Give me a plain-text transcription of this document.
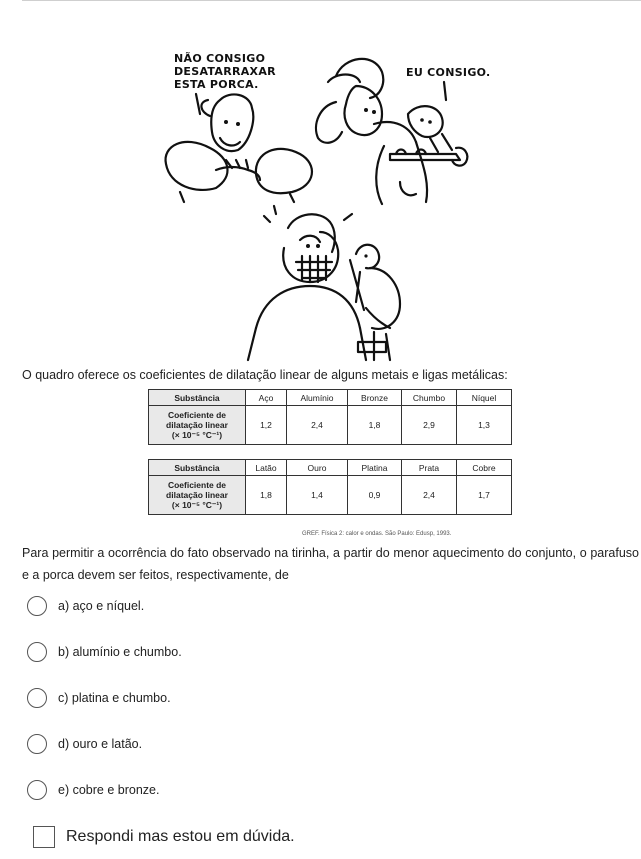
NÃO CONSIGO
DESATARRAXAR
ESTA PORCA.
EU CONSIGO.
O quadro oferece os coeficientes de dilatação linear de alguns metais e ligas metálicas:
Substância	Aço	Alumínio	Bronze	Chumbo	Níquel

Coeficiente de
dilatação linear
(× 10⁻⁵ °C⁻¹)	1,2	2,4	1,8	2,9	1,3
Substância	Latão	Ouro	Platina	Prata	Cobre

Coeficiente de
dilatação linear
(× 10⁻⁵ °C⁻¹)	1,8	1,4	0,9	2,4	1,7
GREF. Física 2: calor e ondas. São Paulo: Edusp, 1993.
Para permitir a ocorrência do fato observado na tirinha, a partir do menor aquecimento do conjunto, o parafuso e a porca devem ser feitos, respectivamente, de
a) aço e níquel.
b) alumínio e chumbo.
c) platina e chumbo.
d) ouro e latão.
e) cobre e bronze.
Respondi mas estou em dúvida.
